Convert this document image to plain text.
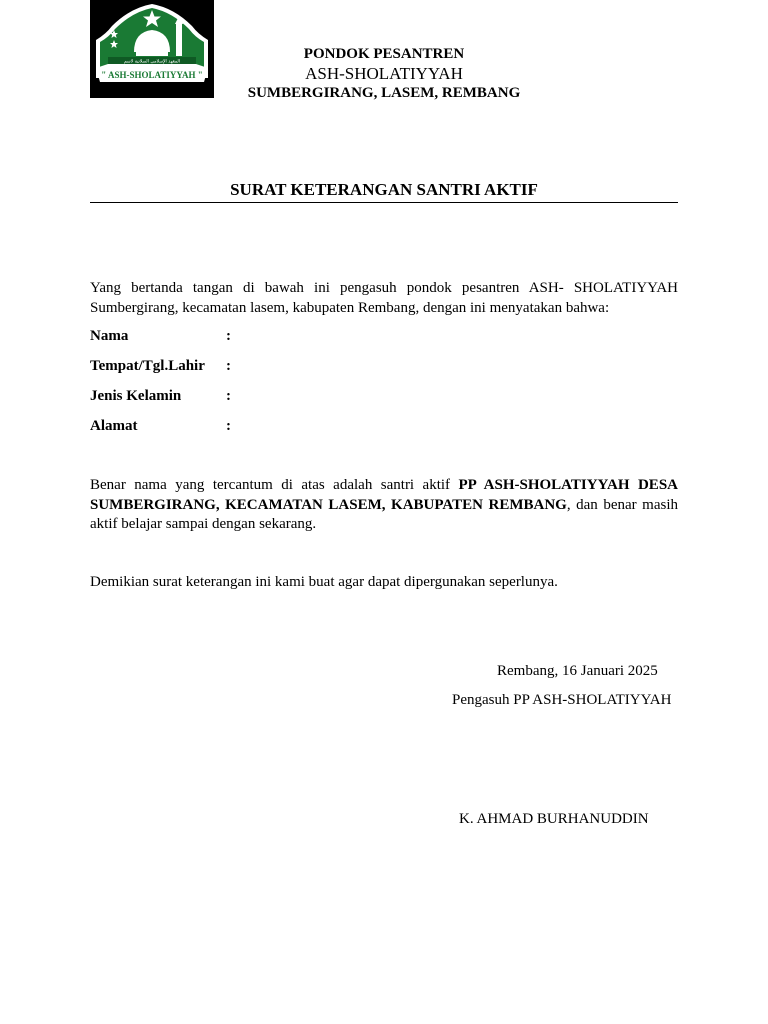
" ASH-SHOLATIYYAH "
المعهد الإسلامي الصلاتية لاسم	PONDOK PESANTREN
ASH-SHOLATIYYAH
SUMBERGIRANG, LASEM, REMBANG
SURAT KETERANGAN SANTRI AKTIF
Yang bertanda tangan di bawah ini pengasuh pondok pesantren ASH- SHOLATIYYAH Sumbergirang, kecamatan lasem, kabupaten Rembang, dengan ini menyatakan bahwa:
Nama	:
Tempat/Tgl.Lahir :
Jenis Kelamin	:
Alamat	:
Benar nama yang tercantum di atas adalah santri aktif PP ASH-SHOLATIYYAH DESA SUMBERGIRANG, KECAMATAN LASEM, KABUPATEN REMBANG, dan benar masih aktif belajar sampai dengan sekarang.
Demikian surat keterangan ini kami buat agar dapat dipergunakan seperlunya.
Rembang, 16 Januari 2025
Pengasuh PP ASH-SHOLATIYYAH
K. AHMAD BURHANUDDIN
